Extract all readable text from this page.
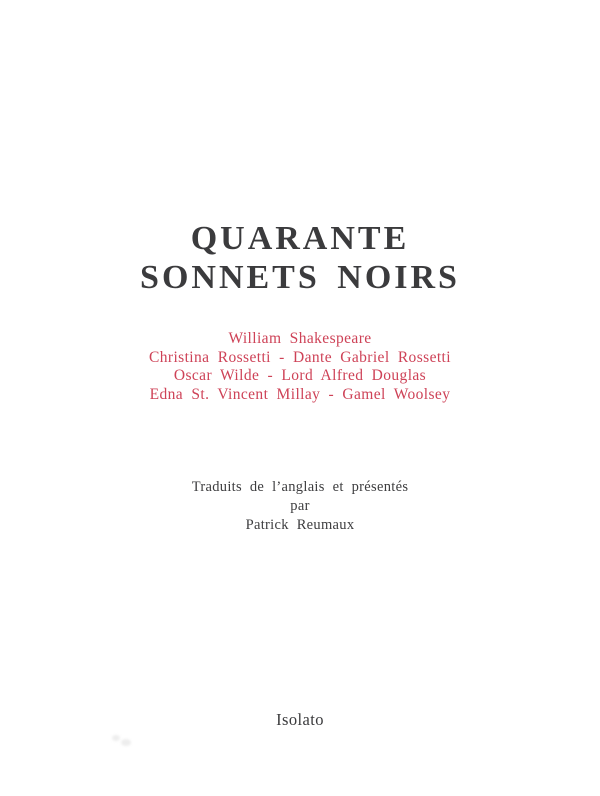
QUARANTE
SONNETS NOIRS
William Shakespeare
Christina Rossetti - Dante Gabriel Rossetti
Oscar Wilde - Lord Alfred Douglas
Edna St. Vincent Millay - Gamel Woolsey
Traduits de l’anglais et présentés
par
Patrick Reumaux
Isolato
